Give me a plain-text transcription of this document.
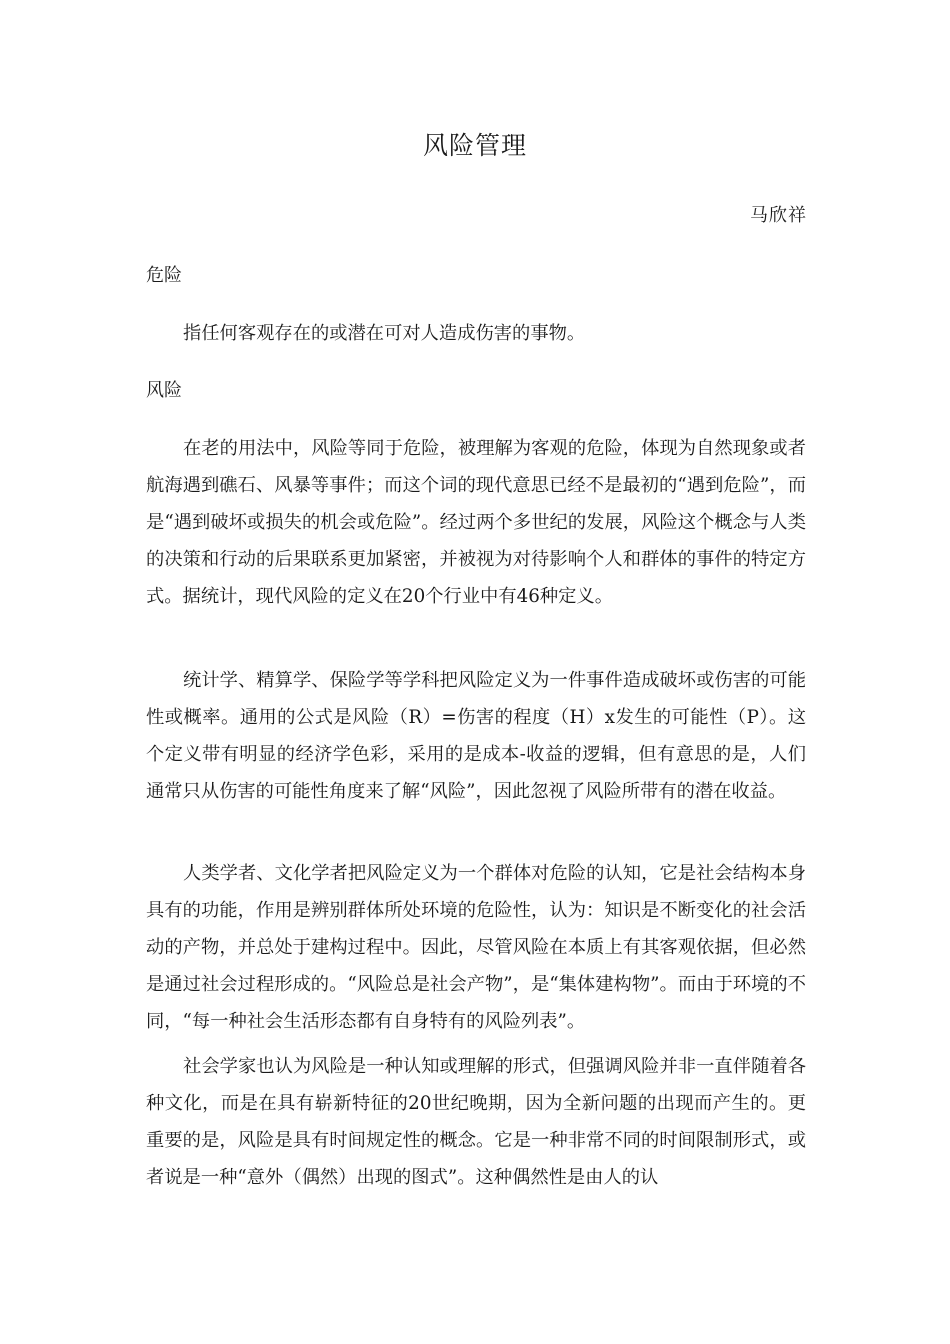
风险管理
马欣祥
危险

指任何客观存在的或潜在可对人造成伤害的事物。

风险

在老的用法中，风险等同于危险，被理解为客观的危险，体现为自然现象或者航海遇到礁石、风暴等事件；而这个词的现代意思已经不是最初的“遇到危险”，而是“遇到破坏或损失的机会或危险”。经过两个多世纪的发展，风险这个概念与人类的决策和行动的后果联系更加紧密，并被视为对待影响个人和群体的事件的特定方式。据统计，现代风险的定义在20个行业中有46种定义。

统计学、精算学、保险学等学科把风险定义为一件事件造成破坏或伤害的可能性或概率。通用的公式是风险（R）=伤害的程度（H）x发生的可能性（P）。这个定义带有明显的经济学色彩，采用的是成本-收益的逻辑，但有意思的是，人们通常只从伤害的可能性角度来了解“风险”，因此忽视了风险所带有的潜在收益。

人类学者、文化学者把风险定义为一个群体对危险的认知，它是社会结构本身具有的功能，作用是辨别群体所处环境的危险性，认为：知识是不断变化的社会活动的产物，并总处于建构过程中。因此，尽管风险在本质上有其客观依据，但必然是通过社会过程形成的。“风险总是社会产物”，是“集体建构物”。而由于环境的不同，“每一种社会生活形态都有自身特有的风险列表”。

社会学家也认为风险是一种认知或理解的形式，但强调风险并非一直伴随着各种文化，而是在具有崭新特征的20世纪晚期，因为全新问题的出现而产生的。更重要的是，风险是具有时间规定性的概念。它是一种非常不同的时间限制形式，或者说是一种“意外（偶然）出现的图式”。这种偶然性是由人的认
